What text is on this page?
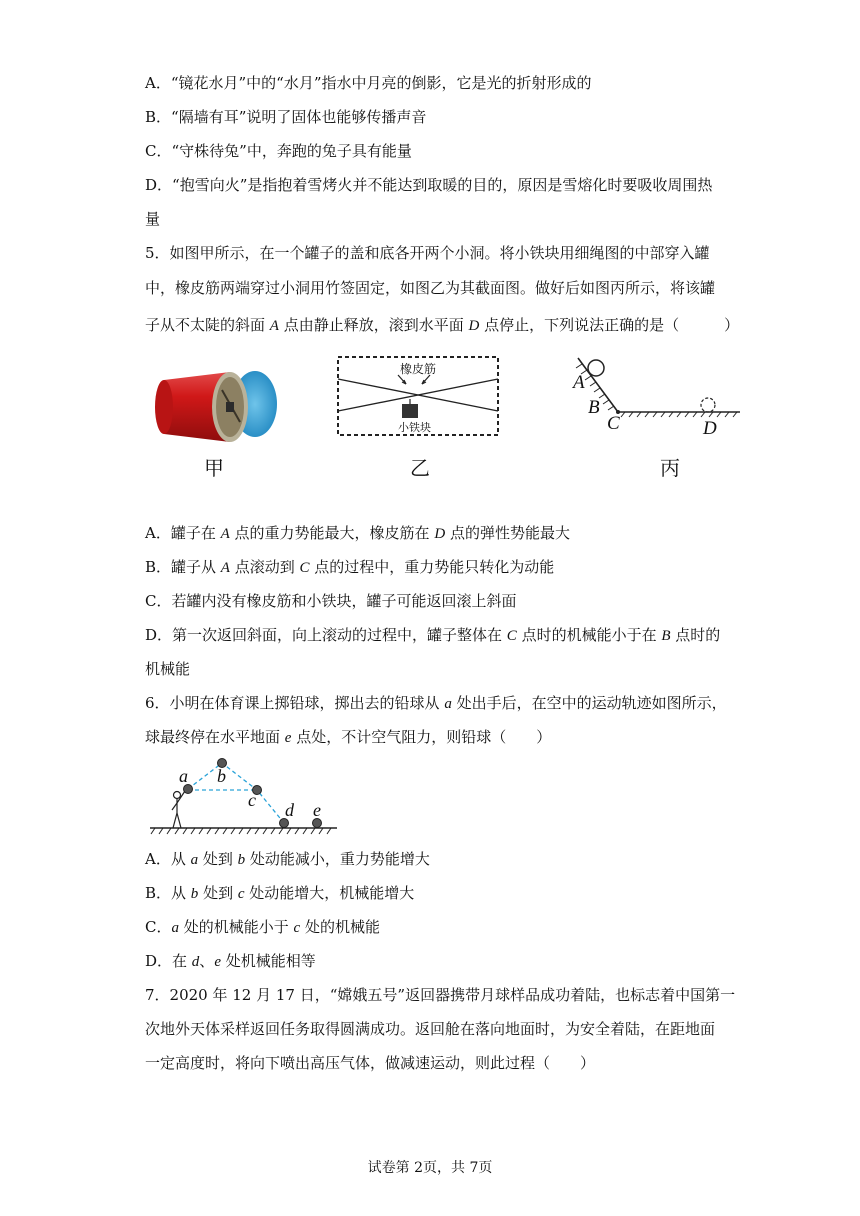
A．“镜花水月”中的“水月”指水中月亮的倒影，它是光的折射形成的
B．“隔墙有耳”说明了固体也能够传播声音
C．“守株待兔”中，奔跑的兔子具有能量
D．“抱雪向火”是指抱着雪烤火并不能达到取暖的目的，原因是雪熔化时要吸收周围热
量
5．如图甲所示，在一个罐子的盖和底各开两个小洞。将小铁块用细绳图的中部穿入罐
中，橡皮筋两端穿过小洞用竹签固定，如图乙为其截面图。做好后如图丙所示，将该罐
子从不太陡的斜面 A 点由静止释放，滚到水平面 D 点停止，下列说法正确的是（　　　）
橡皮筋
小铁块
A
B
C	D
甲	乙	丙
A．罐子在 A 点的重力势能最大，橡皮筋在 D 点的弹性势能最大
B．罐子从 A 点滚动到 C 点的过程中，重力势能只转化为动能
C．若罐内没有橡皮筋和小铁块，罐子可能返回滚上斜面
D．第一次返回斜面，向上滚动的过程中，罐子整体在 C 点时的机械能小于在 B 点时的
机械能
6．小明在体育课上掷铅球，掷出去的铅球从 a 处出手后，在空中的运动轨迹如图所示，
球最终停在水平地面 e 点处，不计空气阻力，则铅球（　　）
a b
c d e
A．从 a 处到 b 处动能减小，重力势能增大
B．从 b 处到 c 处动能增大，机械能增大
C．a 处的机械能小于 c 处的机械能
D．在 d、e 处机械能相等
7．2020 年 12 月 17 日，“嫦娥五号”返回器携带月球样品成功着陆，也标志着中国第一
次地外天体采样返回任务取得圆满成功。返回舱在落向地面时，为安全着陆，在距地面
一定高度时，将向下喷出高压气体，做减速运动，则此过程（　　）
试卷第 2页，共 7页
